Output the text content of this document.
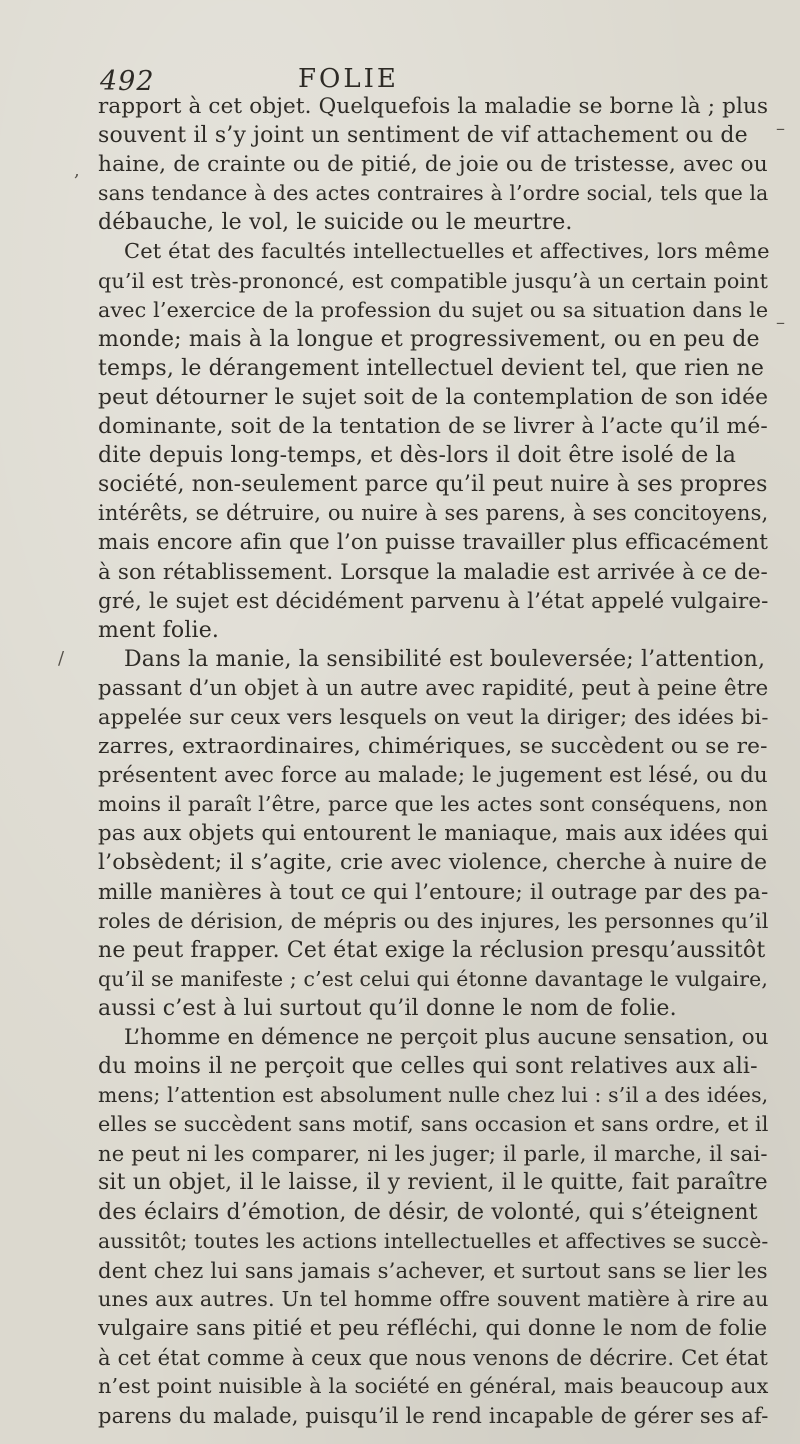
492	FOLIE
rapport à cet objet. Quelquefois la maladie se borne là ; plus
souvent il s’y joint un sentiment de vif attachement ou de
haine, de crainte ou de pitié, de joie ou de tristesse, avec ou
sans tendance à des actes contraires à l’ordre social, tels que la
débauche, le vol, le suicide ou le meurtre.
Cet état des facultés intellectuelles et affectives, lors même
qu’il est très-prononcé, est compatible jusqu’à un certain point
avec l’exercice de la profession du sujet ou sa situation dans le
monde; mais à la longue et progressivement, ou en peu de
temps, le dérangement intellectuel devient tel, que rien ne
peut détourner le sujet soit de la contemplation de son idée
dominante, soit de la tentation de se livrer à l’acte qu’il mé-
dite depuis long-temps, et dès-lors il doit être isolé de la
société, non-seulement parce qu’il peut nuire à ses propres
intérêts, se détruire, ou nuire à ses parens, à ses concitoyens,
mais encore afin que l’on puisse travailler plus efficacément
à son rétablissement. Lorsque la maladie est arrivée à ce de-
gré, le sujet est décidément parvenu à l’état appelé vulgaire-
ment folie.
Dans la manie, la sensibilité est bouleversée; l’attention,
passant d’un objet à un autre avec rapidité, peut à peine être
appelée sur ceux vers lesquels on veut la diriger; des idées bi-
zarres, extraordinaires, chimériques, se succèdent ou se re-
présentent avec force au malade; le jugement est lésé, ou du
moins il paraît l’être, parce que les actes sont conséquens, non
pas aux objets qui entourent le maniaque, mais aux idées qui
l’obsèdent; il s’agite, crie avec violence, cherche à nuire de
mille manières à tout ce qui l’entoure; il outrage par des pa-
roles de dérision, de mépris ou des injures, les personnes qu’il
ne peut frapper. Cet état exige la réclusion presqu’aussitôt
qu’il se manifeste ; c’est celui qui étonne davantage le vulgaire,
aussi c’est à lui surtout qu’il donne le nom de folie.
L’homme en démence ne perçoit plus aucune sensation, ou
du moins il ne perçoit que celles qui sont relatives aux ali-
mens; l’attention est absolument nulle chez lui : s’il a des idées,
elles se succèdent sans motif, sans occasion et sans ordre, et il
ne peut ni les comparer, ni les juger; il parle, il marche, il sai-
sit un objet, il le laisse, il y revient, il le quitte, fait paraître
des éclairs d’émotion, de désir, de volonté, qui s’éteignent
aussitôt; toutes les actions intellectuelles et affectives se succè-
dent chez lui sans jamais s’achever, et surtout sans se lier les
unes aux autres. Un tel homme offre souvent matière à rire au
vulgaire sans pitié et peu réfléchi, qui donne le nom de folie
à cet état comme à ceux que nous venons de décrire. Cet état
n’est point nuisible à la société en général, mais beaucoup aux
parens du malade, puisqu’il le rend incapable de gérer ses af-
,
/
–
–
